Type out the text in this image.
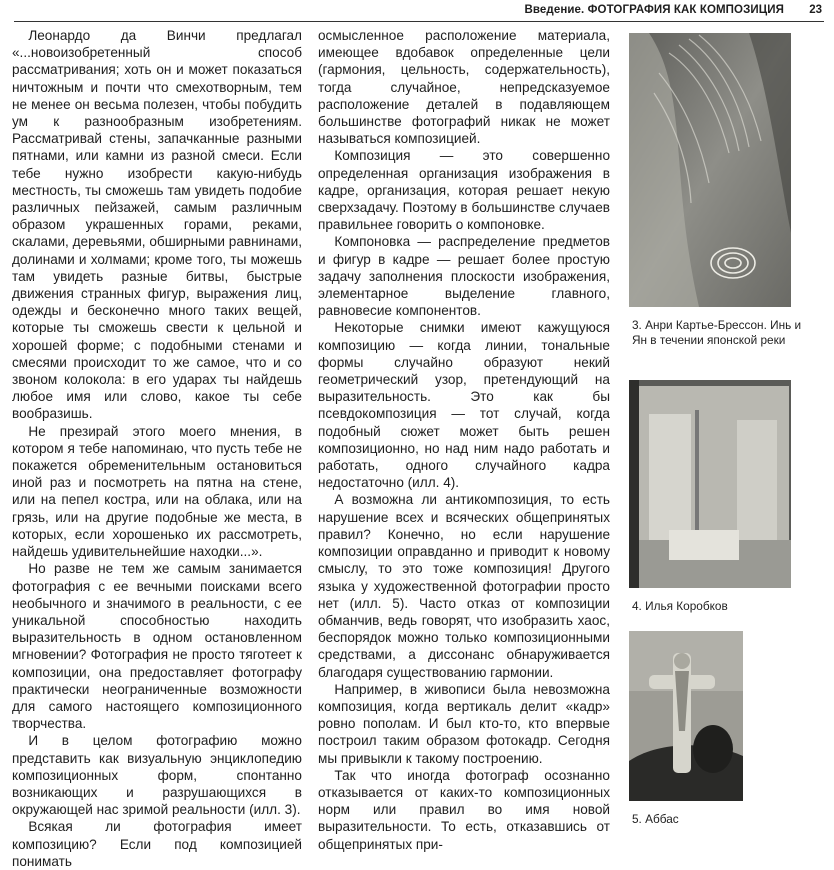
Введение. ФОТОГРАФИЯ КАК КОМПОЗИЦИЯ 23

Леонардо да Винчи предлагал «...новоизобретенный способ рассматривания; хоть он и может показаться ничтожным и почти что смехотворным, тем не менее он весьма полезен, чтобы побудить ум к разнообразным изобретениям. Рассматривай стены, запачканные разными пятнами, или камни из разной смеси. Если тебе нужно изобрести какую-нибудь местность, ты сможешь там увидеть подобие различных пейзажей, самым различным образом украшенных горами, реками, скалами, деревьями, обширными равнинами, долинами и холмами; кроме того, ты можешь там увидеть разные битвы, быстрые движения странных фигур, выражения лиц, одежды и бесконечно много таких вещей, которые ты сможешь свести к цельной и хорошей форме; с подобными стенами и смесями происходит то же самое, что и со звоном колокола: в его ударах ты найдешь любое имя или слово, какое ты себе вообразишь.

Не презирай этого моего мнения, в котором я тебе напоминаю, что пусть тебе не покажется обременительным остановиться иной раз и посмотреть на пятна на стене, или на пепел костра, или на облака, или на грязь, или на другие подобные же места, в которых, если хорошенько их рассмотреть, найдешь удивительнейшие находки...».

Но разве не тем же самым занимается фотография с ее вечными поисками всего необычного и значимого в реальности, с ее уникальной способностью находить выразительность в одном остановленном мгновении? Фотография не просто тяготеет к композиции, она предоставляет фотографу практически неограниченные возможности для самого настоящего композиционного творчества.

И в целом фотографию можно представить как визуальную энциклопедию композиционных форм, спонтанно возникающих и разрушающихся в окружающей нас зримой реальности (илл. 3).

Всякая ли фотография имеет композицию? Если под композицией понимать

осмысленное расположение материала, имеющее вдобавок определенные цели (гармония, цельность, содержательность), тогда случайное, непредсказуемое расположение деталей в подавляющем большинстве фотографий никак не может называться композицией.

Композиция — это совершенно определенная организация изображения в кадре, организация, которая решает некую сверхзадачу. Поэтому в большинстве случаев правильнее говорить о компоновке.

Компоновка — распределение предметов и фигур в кадре — решает более простую задачу заполнения плоскости изображения, элементарное выделение главного, равновесие компонентов.

Некоторые снимки имеют кажущуюся композицию — когда линии, тональные формы случайно образуют некий геометрический узор, претендующий на выразительность. Это как бы псевдокомпозиция — тот случай, когда подобный сюжет может быть решен композиционно, но над ним надо работать и работать, одного случайного кадра недостаточно (илл. 4).

А возможна ли антикомпозиция, то есть нарушение всех и всяческих общепринятых правил? Конечно, но если нарушение композиции оправданно и приводит к новому смыслу, то это тоже композиция! Другого языка у художественной фотографии просто нет (илл. 5). Часто отказ от композиции обманчив, ведь говорят, что изобразить хаос, беспорядок можно только композиционными средствами, а диссонанс обнаруживается благодаря существованию гармонии.

Например, в живописи была невозможна композиция, когда вертикаль делит «кадр» ровно пополам. И был кто-то, кто впервые построил таким образом фотокадр. Сегодня мы привыкли к такому построению.

Так что иногда фотограф осознанно отказывается от каких-то композиционных норм или правил во имя новой выразительности. То есть, отказавшись от общепринятых при-

3. Анри Картье-Брессон. Инь и Ян в течении японской реки
4. Илья Коробков
5. Аббас
